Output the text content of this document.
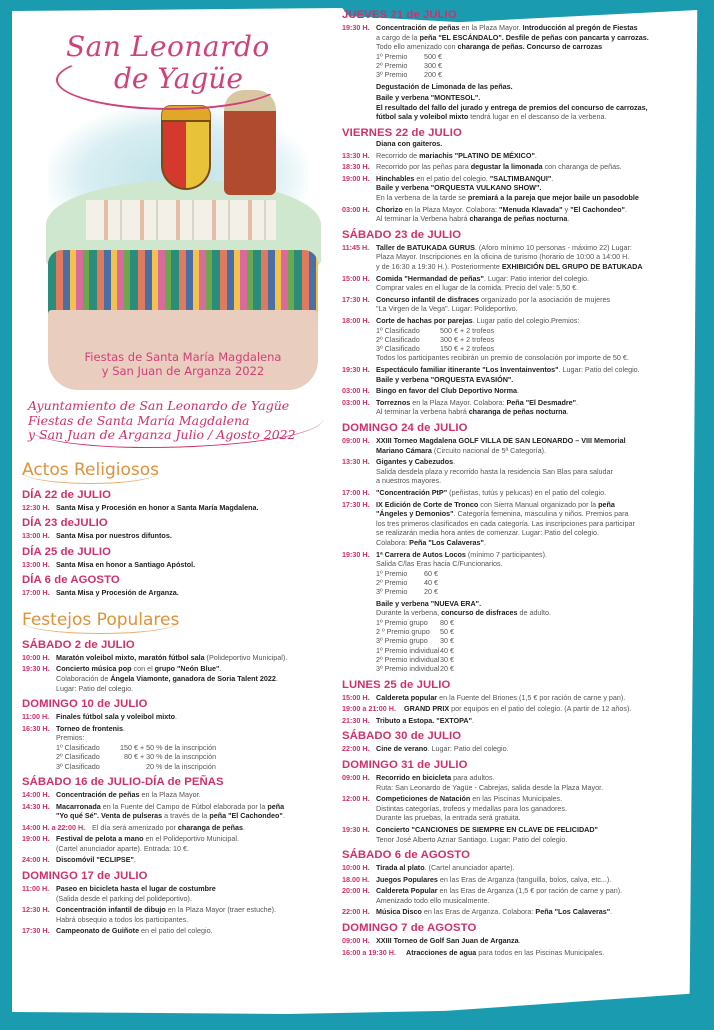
San Leonardo
de Yagüe
Fiestas de Santa María Magdalena
y San Juan de Arganza 2022
Ayuntamiento de San Leonardo de Yagüe
Fiestas de Santa María Magdalena
y San Juan de Arganza Julio / Agosto 2022
Actos Religiosos
DÍA 22 de JULIO
12:30 H. Santa Misa y Procesión en honor a Santa María Magdalena.
DÍA 23 deJULIO
13:00 H. Santa Misa por nuestros difuntos.
DÍA 25 de JULIO
13:00 H. Santa Misa en honor a Santiago Apóstol.
DÍA 6 de AGOSTO
17:00 H. Santa Misa y Procesión de Arganza.
Festejos Populares
SÁBADO 2 de JULIO
10:00 H. Maratón voleibol mixto, maratón fútbol sala (Polideportivo Municipal).
19:30 H. Concierto música pop con el grupo "Neón Blue".
Colaboración de Ángela Viamonte, ganadora de Soria Talent 2022.
Lugar: Patio del colegio.
DOMINGO 10 de JULIO
11:00 H. Finales fútbol sala y voleibol mixto.
16:30 H. Torneo de frontenis.
Premios:
1º Clasificado	150 € + 50 % de la inscripción
2º Clasificado	80 € + 30 % de la inscripción
3º Clasificado	20 % de la inscripción
SÁBADO 16 de JULIO-DÍA de PEÑAS
14:00 H. Concentración de peñas en la Plaza Mayor.
14:30 H. Macarronada en la Fuente del Campo de Fútbol elaborada por la peña
"Yo qué Sé". Venta de pulseras a través de la peña "El Cachondeo".
14:00 H. a 22:00 H. El día será amenizado por charanga de peñas.
19:00 H. Festival de pelota a mano en el Polideportivo Municipal.
(Cartel anunciador aparte). Entrada: 10 €.
24:00 H. Discomóvil "ECLIPSE".
DOMINGO 17 de JULIO
11:00 H. Paseo en bicicleta hasta el lugar de costumbre
(Salida desde el parking del polideportivo).
12:30 H. Concentración infantil de dibujo en la Plaza Mayor (traer estuche).
Habrá obsequio a todos los participantes.
17:30 H. Campeonato de Guiñote en el patio del colegio.
JUEVES 21 de JULIO
19:30 H. Concentración de peñas en la Plaza Mayor. Introducción al pregón de Fiestas
a cargo de la peña "EL ESCÁNDALO". Desfile de peñas con pancarta y carrozas.
Todo ello amenizado con charanga de peñas. Concurso de carrozas
1º Premio	500 €
2º Premio	300 €
3º Premio	200 €
Degustación de Limonada de las peñas.
Baile y verbena "MONTESOL".
El resultado del fallo del jurado y entrega de premios del concurso de carrozas,
fútbol sala y voleibol mixto tendrá lugar en el descanso de la verbena.
VIERNES 22 de JULIO
Diana con gaiteros.
13:30 H. Recorrido de mariachis "PLATINO DE MÉXICO".
18:30 H. Recorrido por las peñas para degustar la limonada con charanga de peñas.
19:00 H. Hinchables en el patio del colegio. "SALTIMBANQUI".
Baile y verbena "ORQUESTA VULKANO SHOW".
En la verbena de la tarde se premiará a la pareja que mejor baile un pasodoble
03:00 H. Chorizo en la Plaza Mayor. Colabora: "Menuda Klavada" y "El Cachondeo".
Al terminar la Verbena habrá charanga de peñas nocturna.
SÁBADO 23 de JULIO
11:45 H. Taller de BATUKADA GURUS. (Aforo mínimo 10 personas - máximo 22) Lugar:
Plaza Mayor. Inscripciones en la oficina de turismo (horario de 10:00 a 14:00 H.
y de 16:30 a 19:30 H.). Posteriormente EXHIBICIÓN DEL GRUPO DE BATUKADA
15:00 H. Comida "Hermandad de peñas". Lugar: Patio interior del colegio.
Comprar vales en el lugar de la comida. Precio del vale: 5,50 €.
17:30 H. Concurso infantil de disfraces organizado por la asociación de mujeres
"La Virgen de la Vega". Lugar: Polideportivo.
18:00 H. Corte de hachas por parejas. Lugar patio del colegio.Premios:
1º Clasificado	500 € + 2 trofeos
2º Clasificado	300 € + 2 trofeos
3º Clasificado	150 € + 2 trofeos
Todos los participantes recibirán un premio de consolación por importe de 50 €.
19:30 H. Espectáculo familiar itinerante "Los Inventainventos". Lugar: Patio del colegio.
Baile y verbena "ORQUESTA EVASIÓN".
03:00 H. Bingo en favor del Club Deportivo Norma.
03:00 H. Torreznos en la Plaza Mayor. Colabora: Peña "El Desmadre".
Al terminar la verbena habrá charanga de peñas nocturna.
DOMINGO 24 de JULIO
09:00 H. XXIII Torneo Magdalena GOLF VILLA DE SAN LEONARDO – VIII Memorial
Mariano Cámara (Circuito nacional de 5ª Categoría).
13:30 H. Gigantes y Cabezudos.
Salida desdela plaza y recorrido hasta la residencia San Blas para saludar
a nuestros mayores.
17:00 H. "Concentración PtP" (peñistas, tutús y pelucas) en el patio del colegio.
17:30 H. IX Edición de Corte de Tronco con Sierra Manual organizado por la peña
"Ángeles y Demonios". Categoría femenina, masculina y niños. Premios para
los tres primeros clasificados en cada categoría. Las inscripciones para participar
se realizarán media hora antes de comenzar. Lugar: Patio del colegio.
Colabora: Peña "Los Calaveras".
19:30 H. 1ª Carrera de Autos Locos (mínimo 7 participantes).
Salida C/las Eras hacia C/Funcionarios.
1º Premio	60 €
2º Premio	40 €
3º Premio	20 €
Baile y verbena "NUEVA ERA".
Durante la verbena, concurso de disfraces de adulto.
1º Premio grupo	80 €
2 º Premio grupo	50 €
3º Premio grupo	30 €
1º Premio individual 40 €
2º Premio individual 30 €
3º Premio individual 20 €
LUNES 25 de JULIO
15:00 H. Caldereta popular en la Fuente del Briones (1,5 € por ración de carne y pan).
19:00 a 21:00 H.	GRAND PRIX por equipos en el patio del colegio. (A partir de 12 años).
21:30 H. Tributo a Estopa. "EXTOPA".
SÁBADO 30 de JULIO
22:00 H. Cine de verano. Lugar: Patio del colegio.
DOMINGO 31 de JULIO
09:00 H. Recorrido en bicicleta para adultos.
Ruta: San Leonardo de Yagüe - Cabrejas, salida desde la Plaza Mayor.
12:00 H. Competiciones de Natación en las Piscinas Municipales.
Distintas categorías, trofeos y medallas para los ganadores.
Durante las pruebas, la entrada será gratuita.
19:30 H. Concierto "CANCIONES DE SIEMPRE EN CLAVE DE FELICIDAD"
Tenor José Alberto Aznar Santiago. Lugar: Patio del colegio.
SÁBADO 6 de AGOSTO
10:00 H. Tirada al plato. (Cartel anunciador aparte).
18.00 H. Juegos Populares en las Eras de Arganza (tanguilla, bolos, calva, etc...).
20:00 H. Caldereta Popular en las Eras de Arganza (1,5 € por ración de carne y pan).
Amenizado todo ello musicalmente.
22:00 H. Música Disco en las Eras de Arganza. Colabora: Peña "Los Calaveras".
DOMINGO 7 de AGOSTO
09:00 H. XXIII Torneo de Golf San Juan de Arganza.
16:00 a 19:30 H.	Atracciones de agua para todos en las Piscinas Municipales.
